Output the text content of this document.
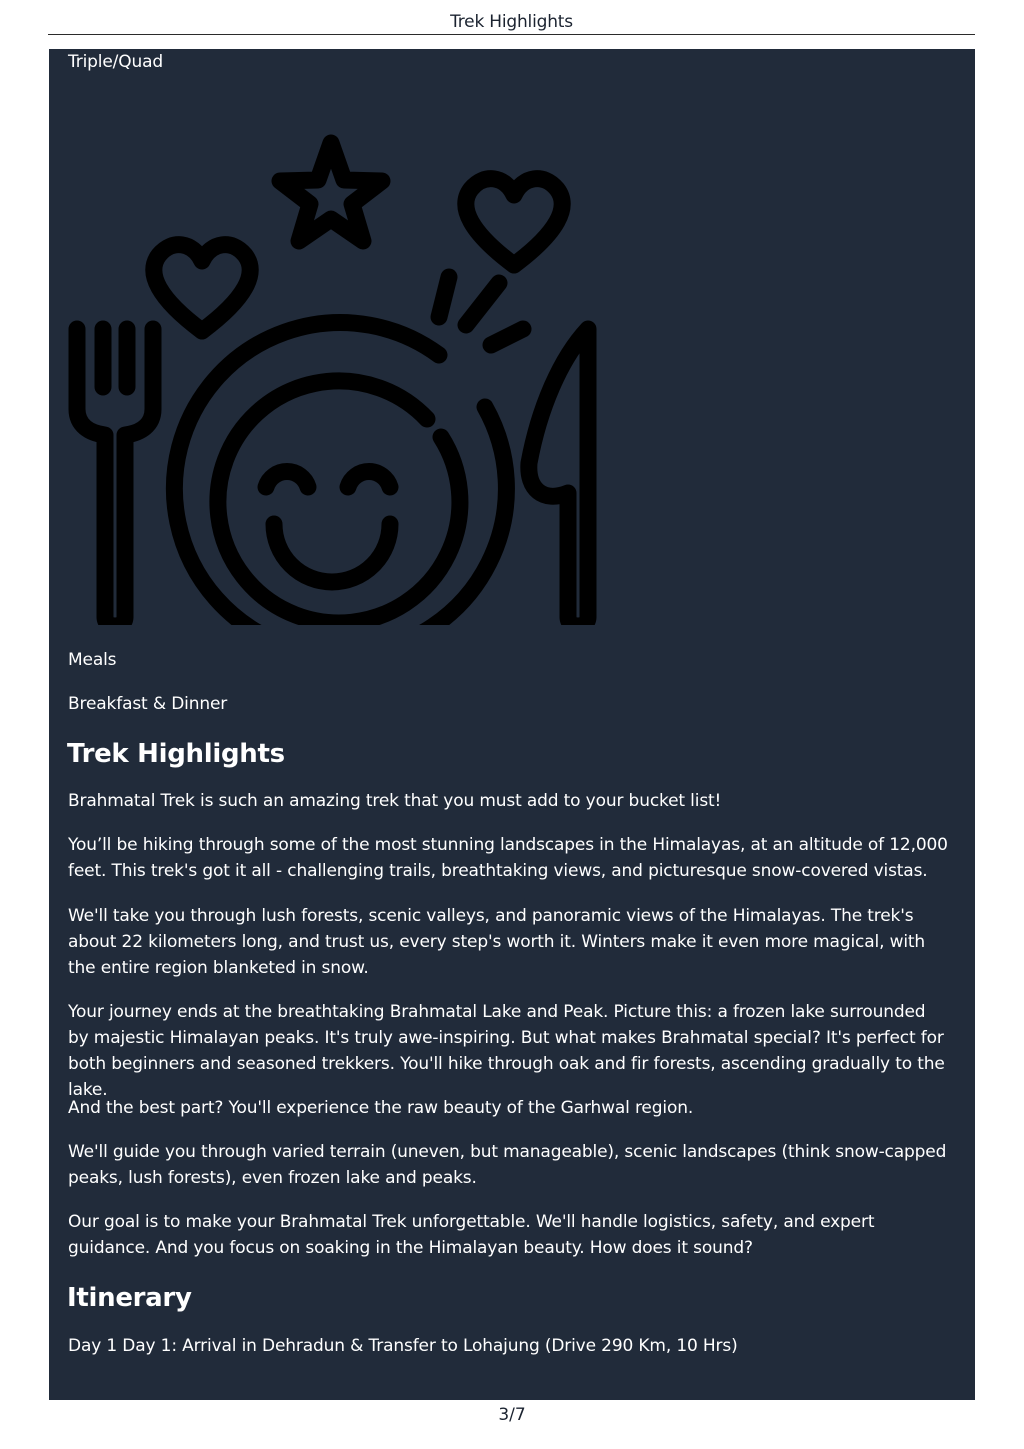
Trek Highlights

Triple/Quad

Meals

Breakfast & Dinner

Trek Highlights

Brahmatal Trek is such an amazing trek that you must add to your bucket list!

You’ll be hiking through some of the most stunning landscapes in the Himalayas, at an altitude of 12,000 feet. This trek's got it all - challenging trails, breathtaking views, and picturesque snow-covered vistas.

We'll take you through lush forests, scenic valleys, and panoramic views of the Himalayas. The trek's about 22 kilometers long, and trust us, every step's worth it. Winters make it even more magical, with the entire region blanketed in snow.

Your journey ends at the breathtaking Brahmatal Lake and Peak. Picture this: a frozen lake surrounded by majestic Himalayan peaks. It's truly awe-inspiring. But what makes Brahmatal special? It's perfect for both beginners and seasoned trekkers. You'll hike through oak and fir forests, ascending gradually to the lake.

And the best part? You'll experience the raw beauty of the Garhwal region.

We'll guide you through varied terrain (uneven, but manageable), scenic landscapes (think snow-capped peaks, lush forests), even frozen lake and peaks.

Our goal is to make your Brahmatal Trek unforgettable. We'll handle logistics, safety, and expert guidance. And you focus on soaking in the Himalayan beauty. How does it sound?

Itinerary

Day 1 Day 1: Arrival in Dehradun & Transfer to Lohajung (Drive 290 Km, 10 Hrs)

3/7
